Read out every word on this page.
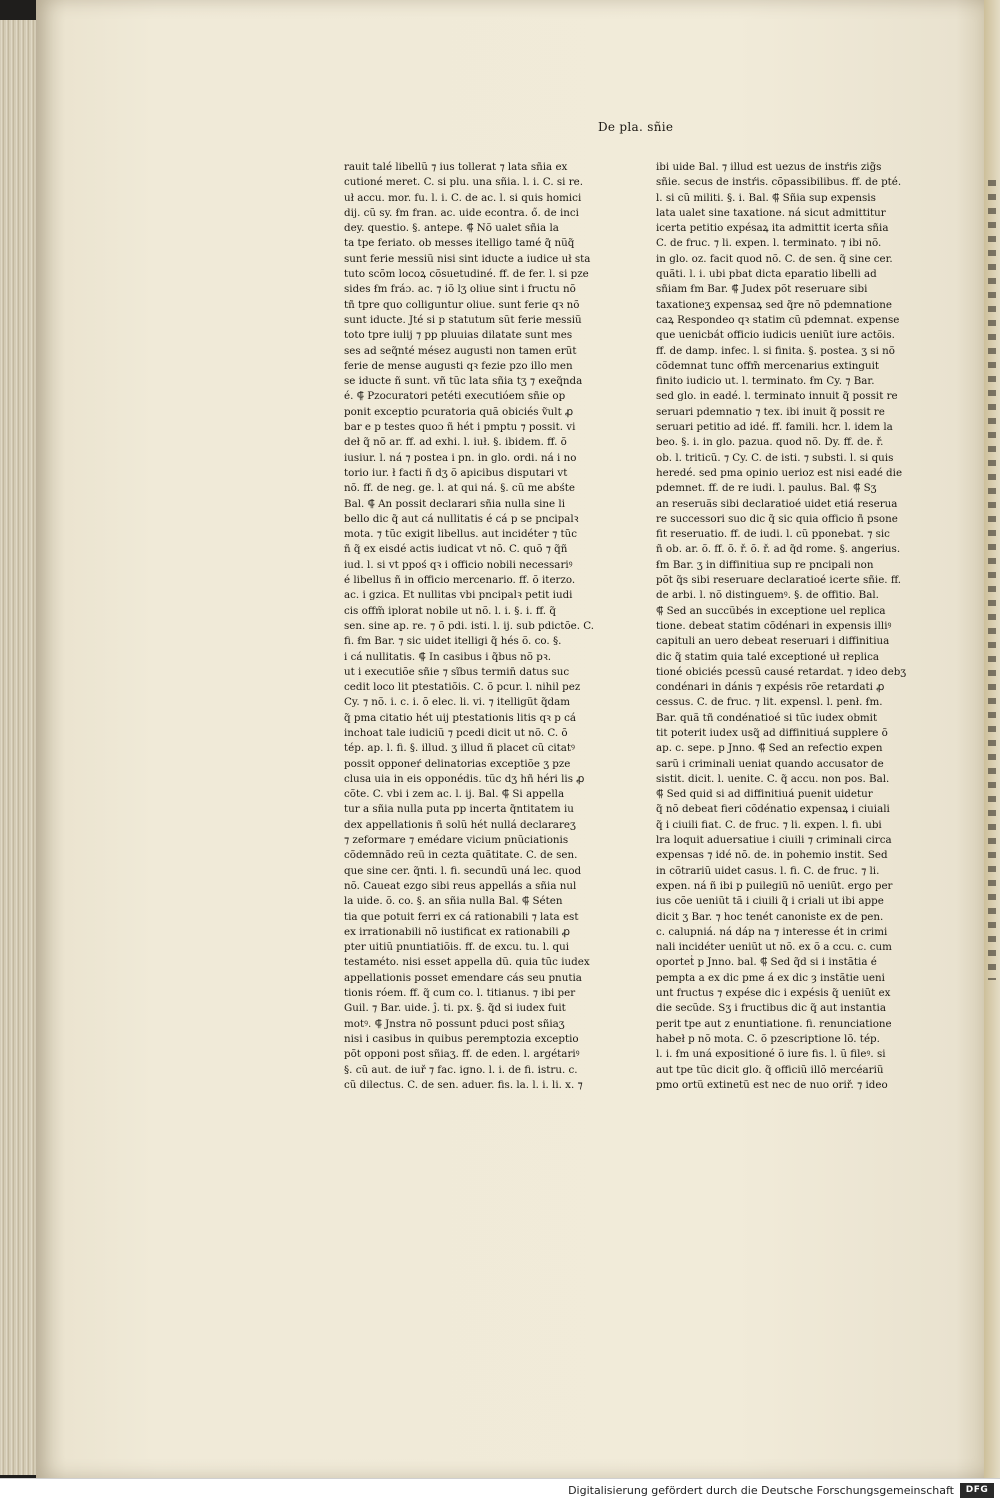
De pla. sñie
rauit talé libellũ ⁊ ius tollerat ⁊ lata sñia ex
cutioné meret. C. si plu. una sñia. l. i. C. si re.
uł accu. mor. fu. l. i. C. de ac. l. si quis homici
dij. cũ sy. ẜm fran. ac. uide econtra. ő. de inci
dey. questio. §. antepe. ⸿ Nõ ualet sñia la
ta tpe feriato. ob messes itelligo tamé q̃ nũq̃
sunt ferie messiũ nisi sint iducte a iudice uł sta
tuto scõm locoꝝ cõsuetudiné. ff. de fer. l. si pze
sides ẜm fráɔ. ac. ⁊ iõ lʒ oliue sint i fructu nõ
tñ tpre quo colliguntur oliue. sunt ferie qꝛ nõ
sunt iducte. Jté si p statutum sũt ferie messiũ
toto tpre iulij ⁊ pp pluuias dilatate sunt mes
ses ad seq̃nté mésez augusti non tamen erũt
ferie de mense augusti qꝛ fezie pzo illo men
se iducte ñ sunt. vñ tũc lata sñia tʒ ⁊ exeq̃nda
é. ⸿ Pzocuratori petéti executióem sñie op
ponit exceptio pcuratoria quã obiciés ṽult ꝓ
bar e p testes quoɔ ñ hét i pmptu ⁊ possit. vi
deł q̃ nõ ar. ff. ad exhi. l. iuł. §. ibidem. ff. õ
iusiur. l. ná ⁊ postea i pn. in glo. ordi. ná i no
torio iur. ł facti ñ dʒ õ apicibus disputari vt
nõ. ff. de neg. ge. l. at qui ná. §. cũ me abśte
Bal. ⸿ An possit declarari sñia nulla sine li
bello dic q̃ aut cá nullitatis é cá p se pncipalꝛ
mota. ⁊ tũc exigit libellus. aut incidéter ⁊ tũc
ñ q̃ ex eisdé actis iudicat vt nõ. C. quõ ⁊ q̃ñ
iud. l. si vt ppoś qꝛ i officio nobili necessariꝰ
é libellus ñ in officio mercenario. ff. õ iterzo.
ac. i gzica. Et nullitas vbi pncipalꝛ petit iudi
cis offm̃ iplorat nobile ut nõ. l. i. §. i. ff. q̃
sen. sine ap. re. ⁊ õ pdi. isti. l. ij. sub pdictõe. C.
fi. ẜm Bar. ⁊ sic uidet itelligi q̃ hés õ. co. §.
i cá nullitatis. ⸿ In casibus i q̃bus nõ pꝛ.
ut i executiõe sñie ⁊ sĩbus termin̄ datus suc
cedit loco lit ptestatiõis. C. õ pcur. l. nihil pez
Cy. ⁊ nõ. i. c. i. õ elec. li. vi. ⁊ itelligũt q̃dam
q̃ pma citatio hét uij ptestationis litis qꝛ p cá
inchoat tale iudiciũ ⁊ pcedi dicit ut nõ. C. õ
tép. ap. l. fi. §. illud. ʒ illud ñ placet cũ citatꝰ
possit opponeŕ delinatorias exceptiõe ʒ pze
clusa uia in eis opponédis. tũc dʒ hñ héri lis ꝓ
cõte. C. vbi i zem ac. l. ij. Bal. ⸿ Si appella
tur a sñia nulla puta pp incerta q̃ntitatem iu
dex appellationis ñ solũ hét nullá declarareʒ
⁊ zeformare ⁊ emédare vicium pnũciationis
cõdemnãdo reũ in cezta quãtitate. C. de sen.
que sine cer. q̃nti. l. fi. secundũ uná lec. quod
nõ. Caueat ezgo sibi reus appellás a sñia nul
la uide. õ. co. §. an sñia nulla Bal. ⸿ Séten
tia que potuit ferri ex cá rationabili ⁊ lata est
ex irrationabili nõ iustificat ex rationabili ꝓ
pter uitiũ pnuntiatiõis. ff. de excu. tu. l. qui
testaméto. nisi esset appella dũ. quia tũc iudex
appellationis posset emendare cás seu pnutia
tionis róem. ff. q̃ cum co. l. titianus. ⁊ ibi per
Guil. ⁊ Bar. uide. ĵ. ti. px. §. q̃d si iudex fuit
motꝰ. ⸿ Jnstra nõ possunt pduci post sñiaʒ
nisi i casibus in quibus peremptozia exceptio
põt opponi post sñiaʒ. ff. de eden. l. argétariꝰ
§. cũ aut. de iuř ⁊ fac. igno. l. i. de fi. istru. c.
cũ dilectus. C. de sen. aduer. fis. la. l. i. li. x. ⁊
ibi uide Bal. ⁊ illud est uezus de instŕis zig̃s
sñie. secus de instŕis. cõpassibilibus. ff. de pté.
l. si cũ militi. §. i. Bal. ⸿ Sñia sup expensis
lata ualet sine taxatione. ná sicut admittitur
icerta petitio expésaꝝ ita admittit icerta sñia
C. de fruc. ⁊ li. expen. l. terminato. ⁊ ibi nõ.
in glo. oz. facit quod nõ. C. de sen. q̃ sine cer.
quãti. l. i. ubi pbat dicta eparatio libelli ad
sñiam ẜm Bar. ⸿ Judex põt reseruare sibi
taxationeʒ expensaꝝ sed q̃re nõ pdemnatione
caꝝ Respondeo qꝛ statim cũ pdemnat. expense
que uenicbát officio iudicis ueniũt iure actõis.
ff. de damp. infec. l. si finita. §. postea. ʒ si nõ
cõdemnat tunc offm̃ mercenarius extinguit
finito iudicio ut. l. terminato. ẜm Cy. ⁊ Bar.
sed glo. in eadé. l. terminato innuit q̃ possit re
seruari pdemnatio ⁊ tex. ibi inuit q̃ possit re
seruari petitio ad idé. ff. famili. hcr. l. idem la
beo. §. i. in glo. pazua. quod nõ. Dy. ff. de. ř.
ob. l. triticũ. ⁊ Cy. C. de isti. ⁊ substi. l. si quis
heredé. sed pma opinio uerioz est nisi eadé die
pdemnet. ff. de re iudi. l. paulus. Bal. ⸿ Sʒ
an reseruãs sibi declaratioé uidet etiá reserua
re successori suo dic q̃ sic quia officio ñ psone
fit reseruatio. ff. de iudi. l. cũ pponebat. ⁊ sic
ñ ob. ar. õ. ff. õ. ř. õ. ř. ad q̃d rome. §. angerius.
ẜm Bar. ʒ in diffinitiua sup re pncipali non
põt q̃s sibi reseruare declaratioé icerte sñie. ff.
de arbi. l. nõ distinguemꝰ. §. de offitio. Bal.
⸿ Sed an succũbés in exceptione uel replica
tione. debeat statim cõdénari in expensis illiꝰ
capituli an uero debeat reseruari i diffinitiua
dic q̃ statim quia talé exceptioné uł replica
tioné obiciés pcessũ causé retardat. ⁊ ideo debʒ
condénari in dánis ⁊ expésis rõe retardati ꝓ
cessus. C. de fruc. ⁊ lit. expensl. l. penł. ẜm.
Bar. quã tñ condénatioé si tũc iudex obmit
tit poterit iudex usq̃ ad diffinitiuá supplere õ
ap. c. sepe. p Jnno. ⸿ Sed an refectio expen
sarũ i criminali ueniat quando accusator de
sistit. dicit. l. uenite. C. q̃ accu. non pos. Bal.
⸿ Sed quid si ad diffinitiuá puenit uidetur
q̃ nõ debeat fieri cõdénatio expensaꝝ i ciuiali
q̃ i ciuili fiat. C. de fruc. ⁊ li. expen. l. fi. ubi
lra loquit aduersatiue i ciuili ⁊ criminali circa
expensas ⁊ idé nõ. de. in pohemio instit. Sed
in cõtrariũ uidet casus. l. fi. C. de fruc. ⁊ li.
expen. ná ñ ibi p puilegiũ nõ ueniũt. ergo per
ius cõe ueniũt tã i ciuili q̃ i criali ut ibi appe
dicit ʒ Bar. ⁊ hoc tenét canoniste ex de pen.
c. calupniá. ná dáp na ⁊ interesse ét in crimi
nali incidéter ueniũt ut nõ. ex õ a ccu. c. cum
oporteṫ p Jnno. bal. ⸿ Sed q̃d si i instãtia é
pempta a ex dic pme á ex dic ȝ instãtie ueni
unt fructus ⁊ expése dic i expésis q̃ ueniũt ex
die secũde. Sʒ i fructibus dic q̃ aut instantia
perit tpe aut z enuntiatione. fi. renunciatione
habeł p nõ mota. C. õ pzescriptione lõ. tép.
l. i. ẜm uná expositioné õ iure fis. l. ũ fileꝰ. si
aut tpe tũc dicit glo. q̃ officiũ illõ mercéariũ
pmo ortũ extinetũ est nec de nuo oriř. ⁊ ideo
Digitalisierung gefördert durch die Deutsche Forschungsgemeinschaft	DFG
